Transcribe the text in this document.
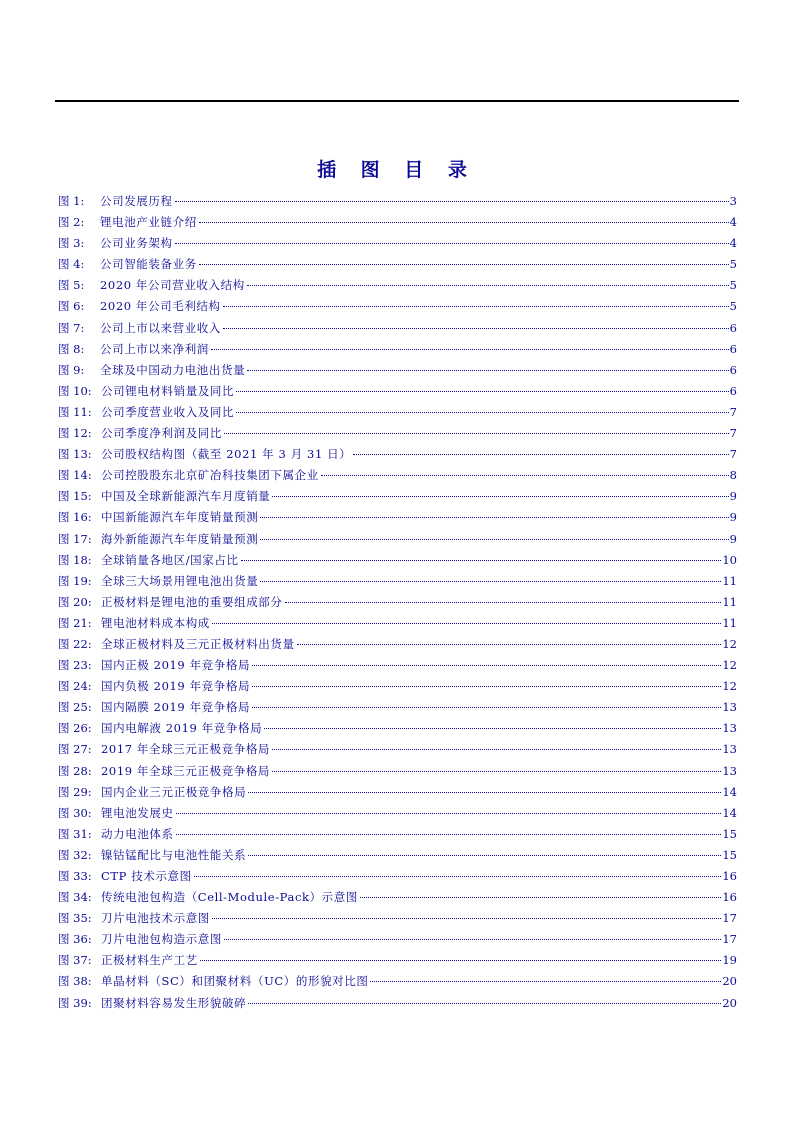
插 图 目 录
图 1:	公司发展历程	3
图 2:	锂电池产业链介绍	4
图 3:	公司业务架构	4
图 4:	公司智能装备业务	5
图 5:	2020 年公司营业收入结构	5
图 6:	2020 年公司毛利结构	5
图 7:	公司上市以来营业收入	6
图 8:	公司上市以来净利润	6
图 9:	全球及中国动力电池出货量	6
图 10: 公司锂电材料销量及同比	6
图 11: 公司季度营业收入及同比	7
图 12: 公司季度净利润及同比	7
图 13: 公司股权结构图（截至 2021 年 3 月 31 日）	7
图 14: 公司控股股东北京矿冶科技集团下属企业	8
图 15: 中国及全球新能源汽车月度销量	9
图 16: 中国新能源汽车年度销量预测	9
图 17: 海外新能源汽车年度销量预测	9
图 18: 全球销量各地区/国家占比	10
图 19: 全球三大场景用锂电池出货量	11
图 20: 正极材料是锂电池的重要组成部分	11
图 21: 锂电池材料成本构成	11
图 22: 全球正极材料及三元正极材料出货量	12
图 23: 国内正极 2019 年竞争格局	12
图 24: 国内负极 2019 年竞争格局	12
图 25: 国内隔膜 2019 年竞争格局	13
图 26: 国内电解液 2019 年竞争格局	13
图 27: 2017 年全球三元正极竞争格局	13
图 28: 2019 年全球三元正极竞争格局	13
图 29: 国内企业三元正极竞争格局	14
图 30: 锂电池发展史	14
图 31: 动力电池体系	15
图 32: 镍钴锰配比与电池性能关系	15
图 33: CTP 技术示意图	16
图 34: 传统电池包构造（Cell-Module-Pack）示意图	16
图 35: 刀片电池技术示意图	17
图 36: 刀片电池包构造示意图	17
图 37: 正极材料生产工艺	19
图 38: 单晶材料（SC）和团聚材料（UC）的形貌对比图	20
图 39: 团聚材料容易发生形貌破碎	20
